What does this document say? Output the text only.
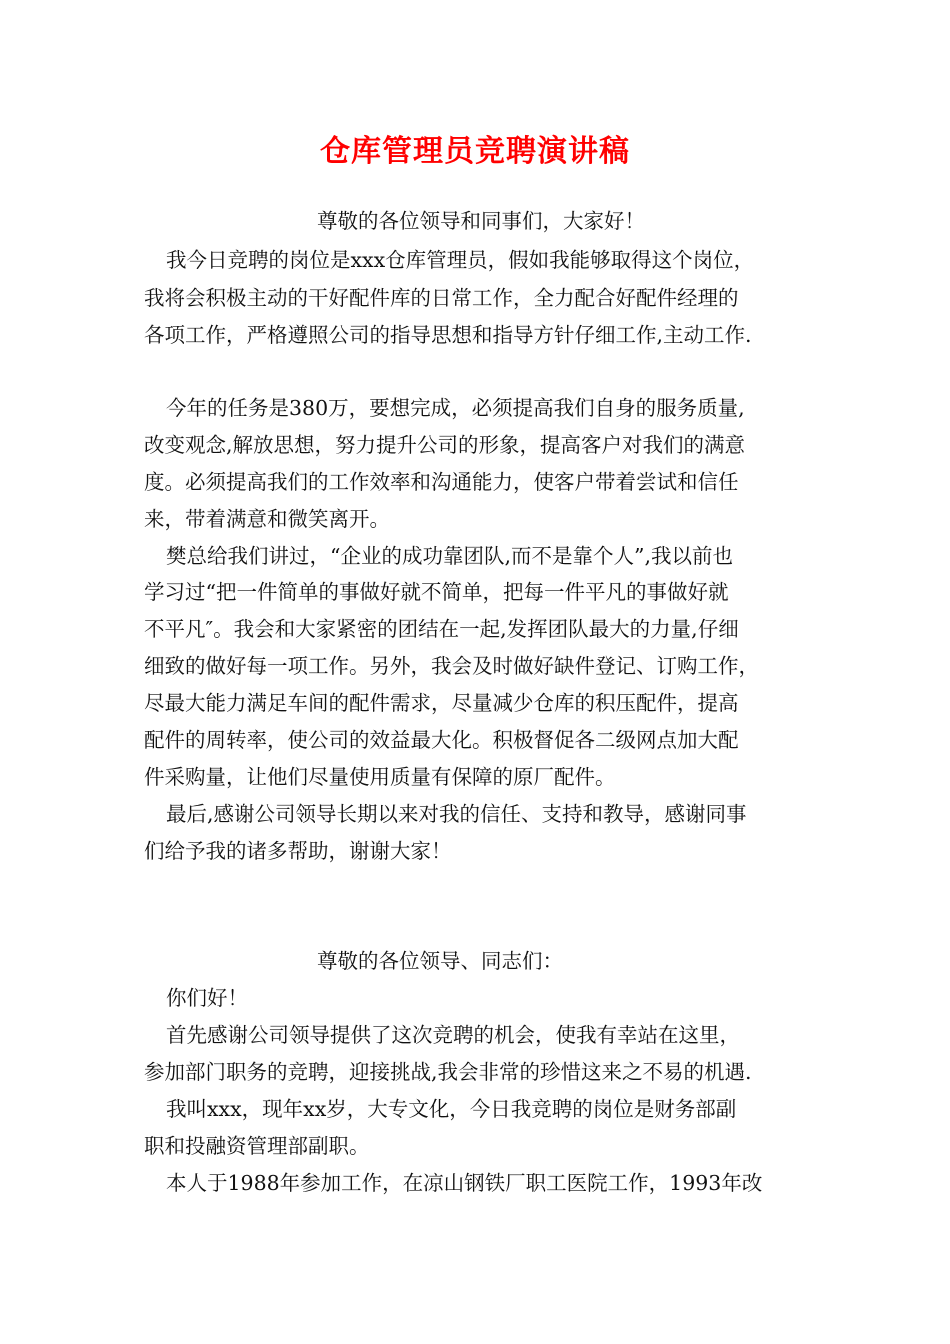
仓库管理员竞聘演讲稿
尊敬的各位领导和同事们，大家好！
我今日竞聘的岗位是xxx仓库管理员，假如我能够取得这个岗位，
我将会积极主动的干好配件库的日常工作，全力配合好配件经理的
各项工作，严格遵照公司的指导思想和指导方针仔细工作,主动工作.
今年的任务是380万，要想完成，必须提高我们自身的服务质量,
改变观念,解放思想，努力提升公司的形象，提高客户对我们的满意
度。必须提高我们的工作效率和沟通能力，使客户带着尝试和信任
来，带着满意和微笑离开。
樊总给我们讲过，“企业的成功靠团队,而不是靠个人”,我以前也
学习过“把一件简单的事做好就不简单，把每一件平凡的事做好就
不平凡″。我会和大家紧密的团结在一起,发挥团队最大的力量,仔细
细致的做好每一项工作。另外，我会及时做好缺件登记、订购工作，
尽最大能力满足车间的配件需求，尽量减少仓库的积压配件，提高
配件的周转率，使公司的效益最大化。积极督促各二级网点加大配
件采购量，让他们尽量使用质量有保障的原厂配件。
最后,感谢公司领导长期以来对我的信任、支持和教导，感谢同事
们给予我的诸多帮助，谢谢大家！
尊敬的各位领导、同志们：
你们好！
首先感谢公司领导提供了这次竞聘的机会，使我有幸站在这里，
参加部门职务的竞聘，迎接挑战,我会非常的珍惜这来之不易的机遇.
我叫xxx，现年xx岁，大专文化，今日我竞聘的岗位是财务部副
职和投融资管理部副职。
本人于1988年参加工作，在凉山钢铁厂职工医院工作，1993年改
